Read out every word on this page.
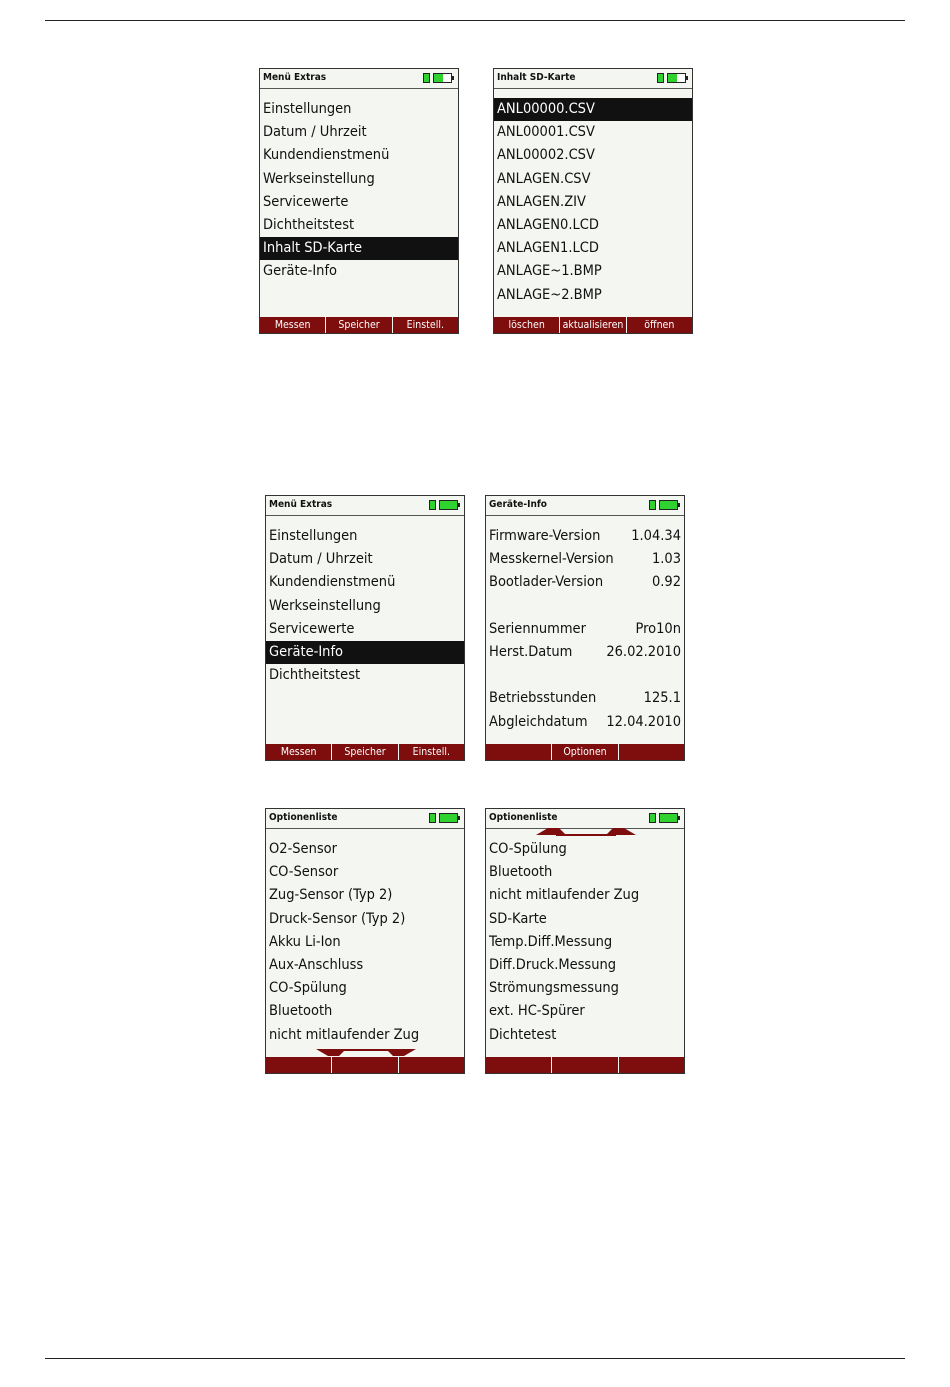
Menü Extras
Einstellungen
Datum / Uhrzeit
Kundendienstmenü
Werkseinstellung
Servicewerte
Dichtheitstest
Inhalt SD-Karte
Geräte-Info
Messen	Speicher	Einstell.
Inhalt SD-Karte
ANL00000.CSV
ANL00001.CSV
ANL00002.CSV
ANLAGEN.CSV
ANLAGEN.ZIV
ANLAGEN0.LCD
ANLAGEN1.LCD
ANLAGE~1.BMP
ANLAGE~2.BMP
löschen	aktualisieren	öffnen
Menü Extras
Einstellungen
Datum / Uhrzeit
Kundendienstmenü
Werkseinstellung
Servicewerte
Geräte-Info
Dichtheitstest
Messen	Speicher	Einstell.
Geräte-Info
Firmware-Version 1.04.34
Messkernel-Version	1.03
Bootlader-Version	0.92
Seriennummer	Pro10n
Herst.Datum 26.02.2010
Betriebsstunden	125.1
Abgleichdatum 12.04.2010
Optionen
Optionenliste
O2-Sensor
CO-Sensor
Zug-Sensor (Typ 2)
Druck-Sensor (Typ 2)
Akku Li-Ion
Aux-Anschluss
CO-Spülung
Bluetooth
nicht mitlaufender Zug
Optionenliste
CO-Spülung
Bluetooth
nicht mitlaufender Zug
SD-Karte
Temp.Diff.Messung
Diff.Druck.Messung
Strömungsmessung
ext. HC-Spürer
Dichtetest
